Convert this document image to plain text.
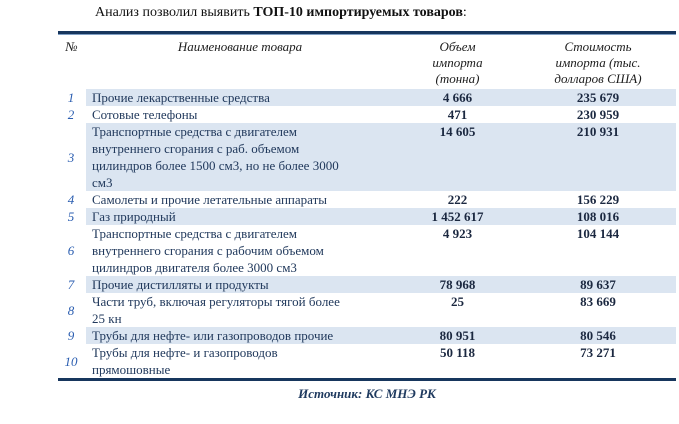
Анализ позволил выявить ТОП-10 импортируемых товаров:

№	Наименование товара	Объем импорта (тонна)	Стоимость импорта (тыс. долларов США)
1	Прочие лекарственные средства	4 666	235 679
2	Сотовые телефоны	471	230 959
3	Транспортные средства с двигателем внутреннего сгорания с раб. объемом цилиндров более 1500 см3, но не более 3000 см3	14 605	210 931
4	Самолеты и прочие летательные аппараты	222	156 229
5	Газ природный	1 452 617	108 016
6	Транспортные средства с двигателем внутреннего сгорания с рабочим объемом цилиндров двигателя более 3000 см3	4 923	104 144
7	Прочие дистилляты и продукты	78 968	89 637
8	Части труб, включая регуляторы тягой более 25 кн	25	83 669
9	Трубы для нефте- или газопроводов прочие	80 951	80 546
10	Трубы для нефте- и газопроводов прямошовные	50 118	73 271

Источник: КС МНЭ РК
